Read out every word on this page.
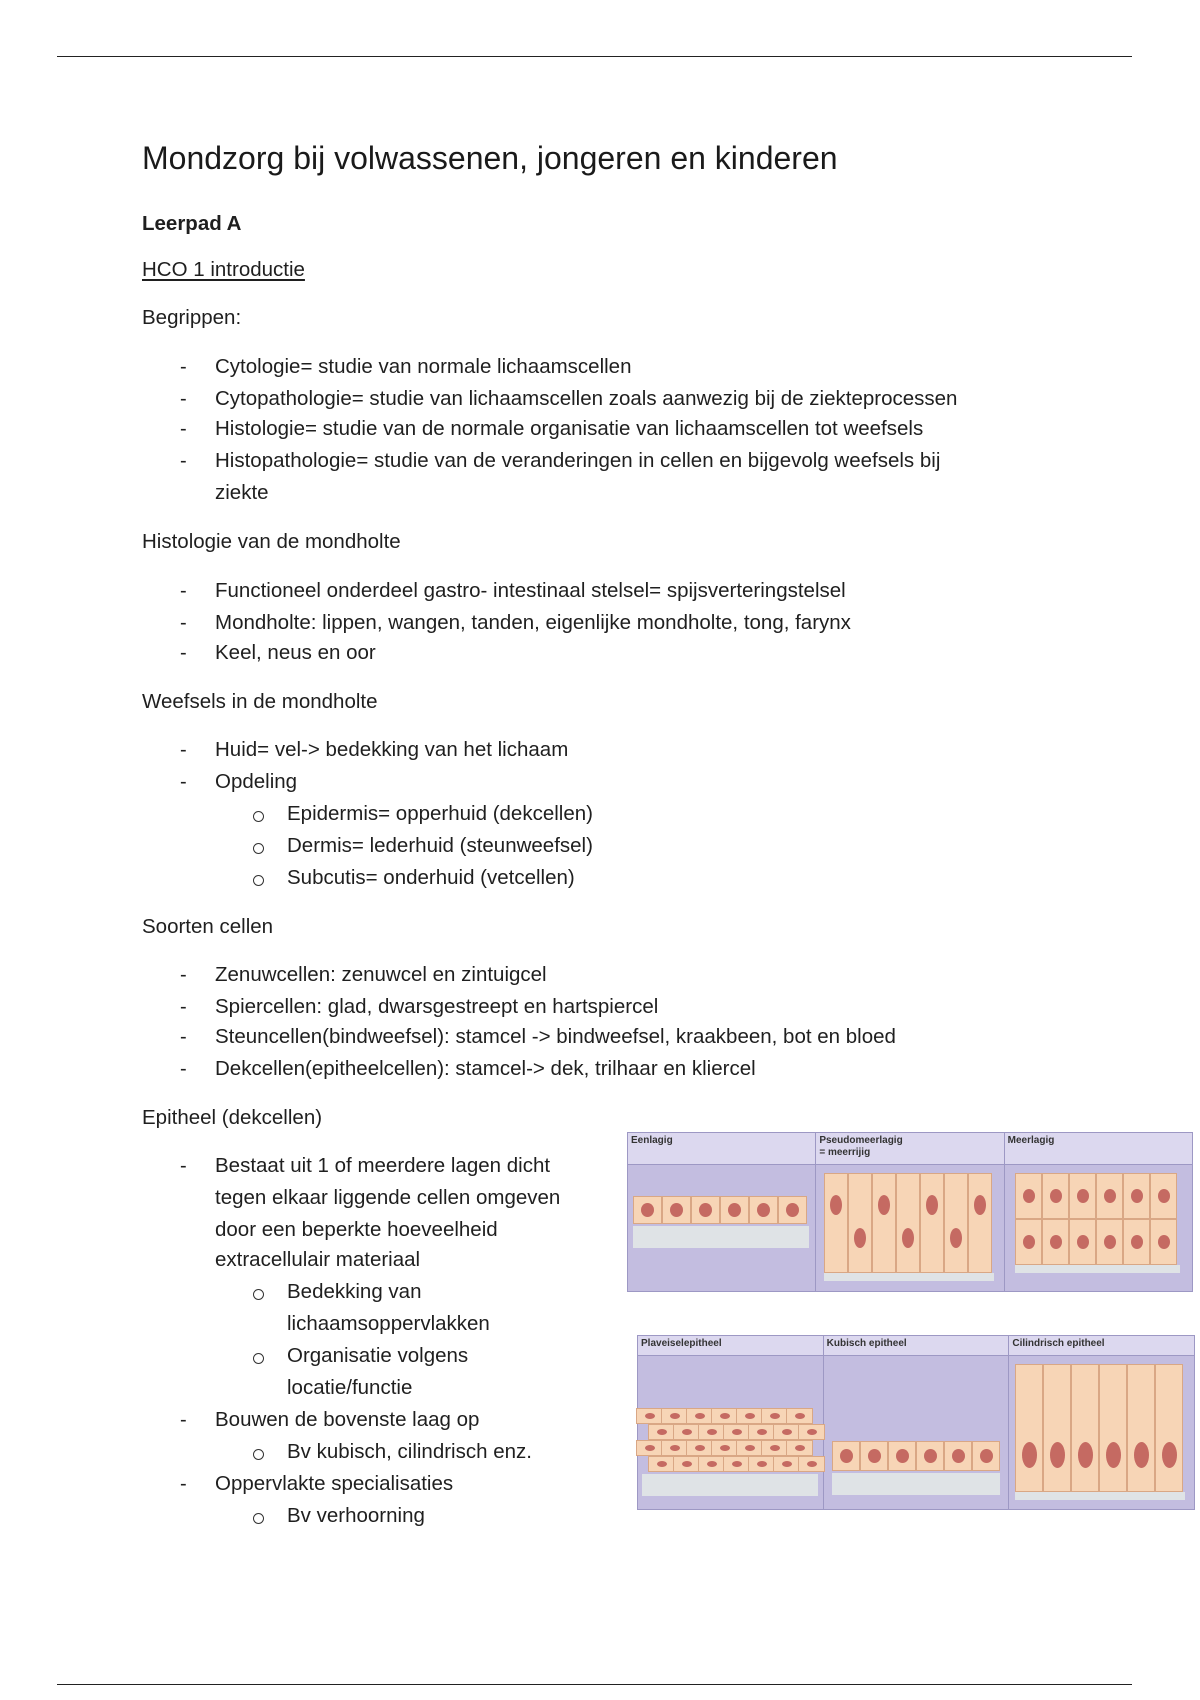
Mondzorg bij volwassenen, jongeren en kinderen
Leerpad A
HCO 1 introductie
Begrippen:
- Cytologie= studie van normale lichaamscellen
- Cytopathologie= studie van lichaamscellen zoals aanwezig bij de ziekteprocessen
- Histologie= studie van de normale organisatie van lichaamscellen tot weefsels
- Histopathologie= studie van de veranderingen in cellen en bijgevolg weefsels bij
ziekte
Histologie van de mondholte
- Functioneel onderdeel gastro- intestinaal stelsel= spijsverteringstelsel
- Mondholte: lippen, wangen, tanden, eigenlijke mondholte, tong, farynx
- Keel, neus en oor
Weefsels in de mondholte
- Huid= vel-> bedekking van het lichaam
- Opdeling
Epidermis= opperhuid (dekcellen)
Dermis= lederhuid (steunweefsel)
Subcutis= onderhuid (vetcellen)
Soorten cellen
- Zenuwcellen: zenuwcel en zintuigcel
- Spiercellen: glad, dwarsgestreept en hartspiercel
- Steuncellen(bindweefsel): stamcel -> bindweefsel, kraakbeen, bot en bloed
- Dekcellen(epitheelcellen): stamcel-> dek, trilhaar en kliercel
Epitheel (dekcellen)
- Bestaat uit 1 of meerdere lagen dicht
tegen elkaar liggende cellen omgeven
door een beperkte hoeveelheid
extracellulair materiaal
Bedekking van
lichaamsoppervlakken
Organisatie volgens
locatie/functie
- Bouwen de bovenste laag op
Bv kubisch, cilindrisch enz.
- Oppervlakte specialisaties
Bv verhoorning
Eenlagig	Pseudomeerlagig
= meerrijig
Meerlagig
Plaveiselepitheel	Kubisch epitheel	Cilindrisch epitheel
